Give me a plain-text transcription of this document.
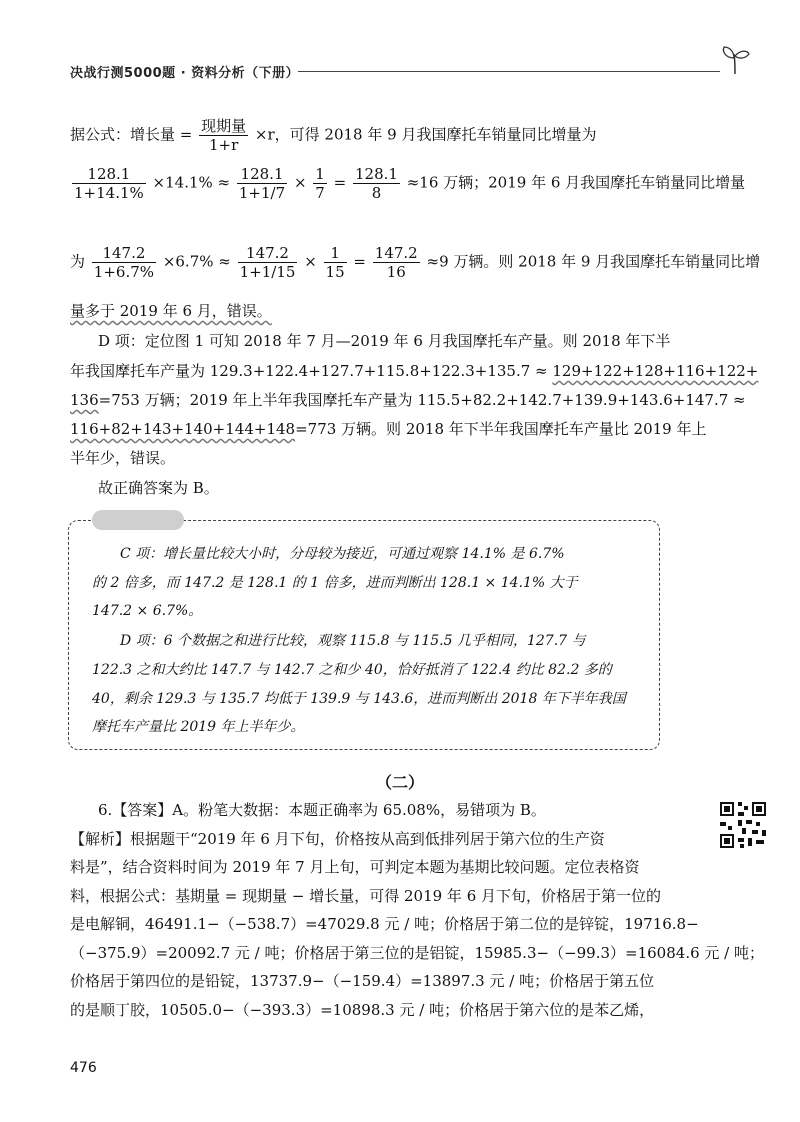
决战行测5000题 · 资料分析（下册）
据公式：增长量 = $\frac{\text{现期量}}{1+r} \times r$，可得 2018 年 9 月我国摩托车销量同比增量为
$\frac{128.1}{1+14.1\%} \times 14.1\% \approx \frac{128.1}{1+1/7} \times \frac{1}{7} = \frac{128.1}{8} \approx 16$ 万辆；2019 年 6 月我国摩托车销量同比增量
为 $\frac{147.2}{1+6.7\%} \times 6.7\% \approx \frac{147.2}{1+1/15} \times \frac{1}{15} = \frac{147.2}{16} \approx 9$ 万辆。则 2018 年 9 月我国摩托车销量同比增
量多于 2019 年 6 月，错误。
D 项：定位图 1 可知 2018 年 7 月—2019 年 6 月我国摩托车产量。则 2018 年下半
年我国摩托车产量为 129.3+122.4+127.7+115.8+122.3+135.7 ≈ 129+122+128+116+122+
136=753 万辆；2019 年上半年我国摩托车产量为 115.5+82.2+142.7+139.9+143.6+147.7 ≈
116+82+143+140+144+148=773 万辆。则 2018 年下半年我国摩托车产量比 2019 年上
半年少，错误。
故正确答案为 B。
C 项：增长量比较大小时，分母较为接近，可通过观察 14.1% 是 6.7%
的 2 倍多，而 147.2 是 128.1 的 1 倍多，进而判断出 128.1 × 14.1% 大于
147.2 × 6.7%。
D 项：6 个数据之和进行比较，观察 115.8 与 115.5 几乎相同，127.7 与
122.3 之和大约比 147.7 与 142.7 之和少 40，恰好抵消了 122.4 约比 82.2 多的
40，剩余 129.3 与 135.7 均低于 139.9 与 143.6，进而判断出 2018 年下半年我国
摩托车产量比 2019 年上半年少。
（二）
6.【答案】A。粉笔大数据：本题正确率为 65.08%，易错项为 B。
【解析】根据题干“2019 年 6 月下旬，价格按从高到低排列居于第六位的生产资
料是”，结合资料时间为 2019 年 7 月上旬，可判定本题为基期比较问题。定位表格资
料，根据公式：基期量 = 现期量 − 增长量，可得 2019 年 6 月下旬，价格居于第一位的
是电解铜，46491.1−（−538.7）=47029.8 元 / 吨；价格居于第二位的是锌锭，19716.8−
（−375.9）=20092.7 元 / 吨；价格居于第三位的是铝锭，15985.3−（−99.3）=16084.6 元 / 吨；
价格居于第四位的是铅锭，13737.9−（−159.4）=13897.3 元 / 吨；价格居于第五位
的是顺丁胶，10505.0−（−393.3）=10898.3 元 / 吨；价格居于第六位的是苯乙烯，
476
